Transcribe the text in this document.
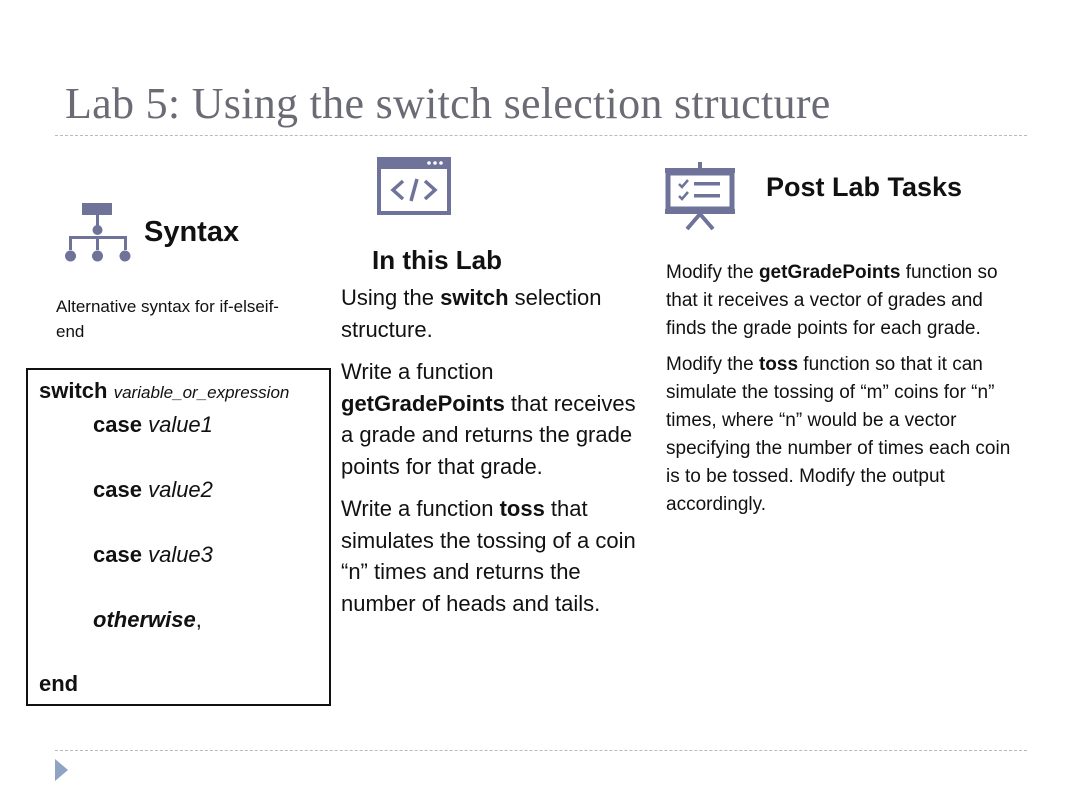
Lab 5: Using the switch selection structure
Syntax
Alternative syntax for if-elseif-end
switch variable_or_expression
case value1
case value2
case value3
otherwise,
end
In this Lab

Using the switch selection structure.

Write a function getGradePoints that receives a grade and returns the grade points for that grade.

Write a function toss that simulates the tossing of a coin “n” times and returns the number of heads and tails.

Post Lab Tasks

Modify the getGradePoints function so that it receives a vector of grades and finds the grade points for each grade.

Modify the toss function so that it can simulate the tossing of “m” coins for “n” times, where “n” would be a vector specifying the number of times each coin is to be tossed. Modify the output accordingly.
